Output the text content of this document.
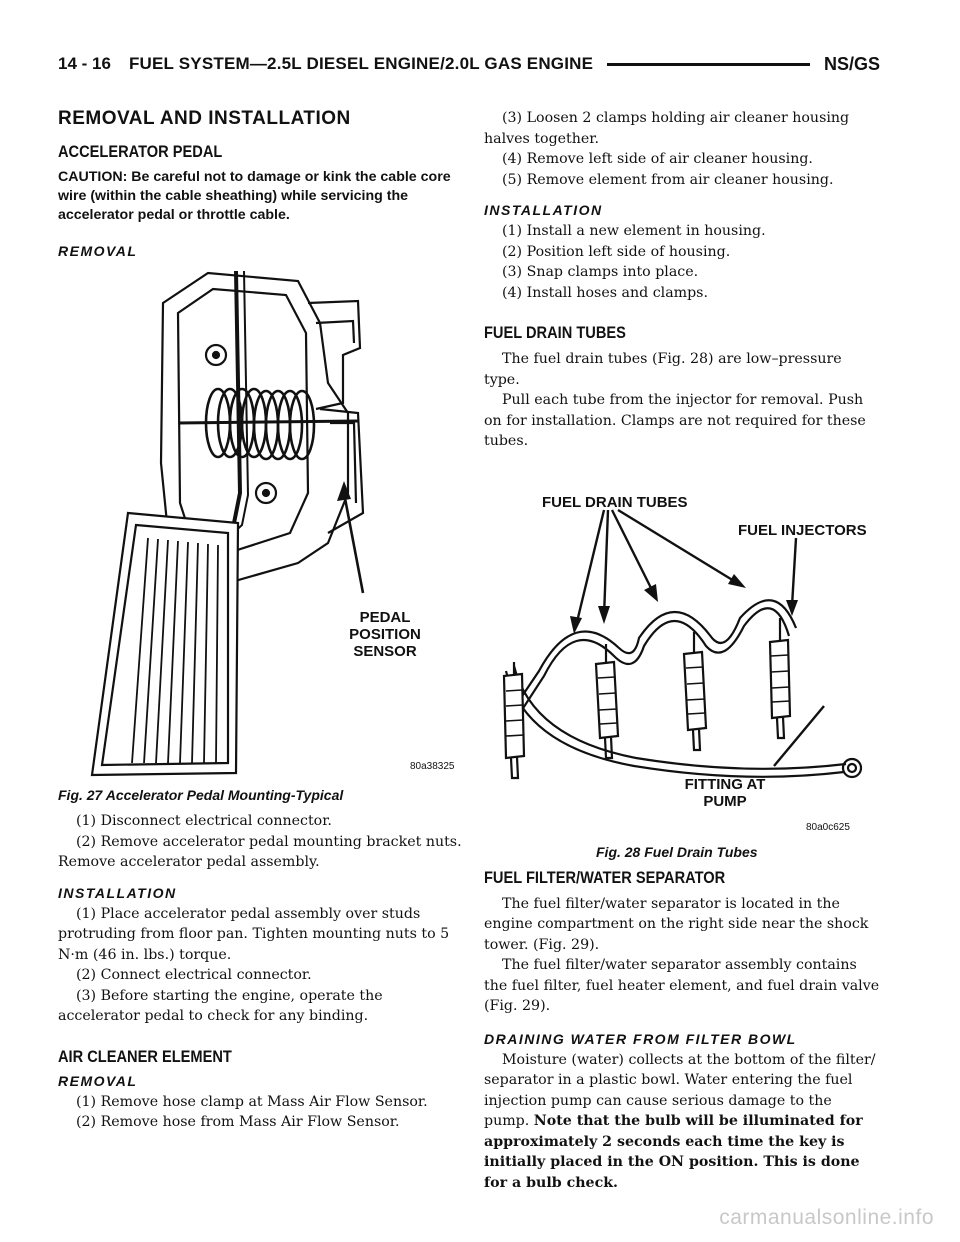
14 - 16 FUEL SYSTEM—2.5L DIESEL ENGINE/2.0L GAS ENGINE	NS/GS
REMOVAL AND INSTALLATION
ACCELERATOR PEDAL

CAUTION: Be careful not to damage or kink the cable core wire (within the cable sheathing) while servicing the accelerator pedal or throttle cable.

REMOVAL
PEDAL
POSITION
SENSOR
80a38325
Fig. 27 Accelerator Pedal Mounting-Typical

(1) Disconnect electrical connector.

(2) Remove accelerator pedal mounting bracket nuts. Remove accelerator pedal assembly.

INSTALLATION

(1) Place accelerator pedal assembly over studs protruding from floor pan. Tighten mounting nuts to 5 N·m (46 in. lbs.) torque.

(2) Connect electrical connector.

(3) Before starting the engine, operate the accelerator pedal to check for any binding.

AIR CLEANER ELEMENT
REMOVAL

(1) Remove hose clamp at Mass Air Flow Sensor.

(2) Remove hose from Mass Air Flow Sensor.

(3) Loosen 2 clamps holding air cleaner housing halves together.

(4) Remove left side of air cleaner housing.

(5) Remove element from air cleaner housing.

INSTALLATION

(1) Install a new element in housing.

(2) Position left side of housing.

(3) Snap clamps into place.

(4) Install hoses and clamps.

FUEL DRAIN TUBES

The fuel drain tubes (Fig. 28) are low–pressure type.

Pull each tube from the injector for removal. Push on for installation. Clamps are not required for these tubes.

FUEL DRAIN TUBES
FUEL INJECTORS
FITTING AT
PUMP
80a0c625
Fig. 28 Fuel Drain Tubes
FUEL FILTER/WATER SEPARATOR

The fuel filter/water separator is located in the engine compartment on the right side near the shock tower. (Fig. 29).

The fuel filter/water separator assembly contains the fuel filter, fuel heater element, and fuel drain valve (Fig. 29).

DRAINING WATER FROM FILTER BOWL

Moisture (water) collects at the bottom of the filter/ separator in a plastic bowl. Water entering the fuel injection pump can cause serious damage to the pump. Note that the bulb will be illuminated for approximately 2 seconds each time the key is initially placed in the ON position. This is done for a bulb check.

carmanualsonline.info
